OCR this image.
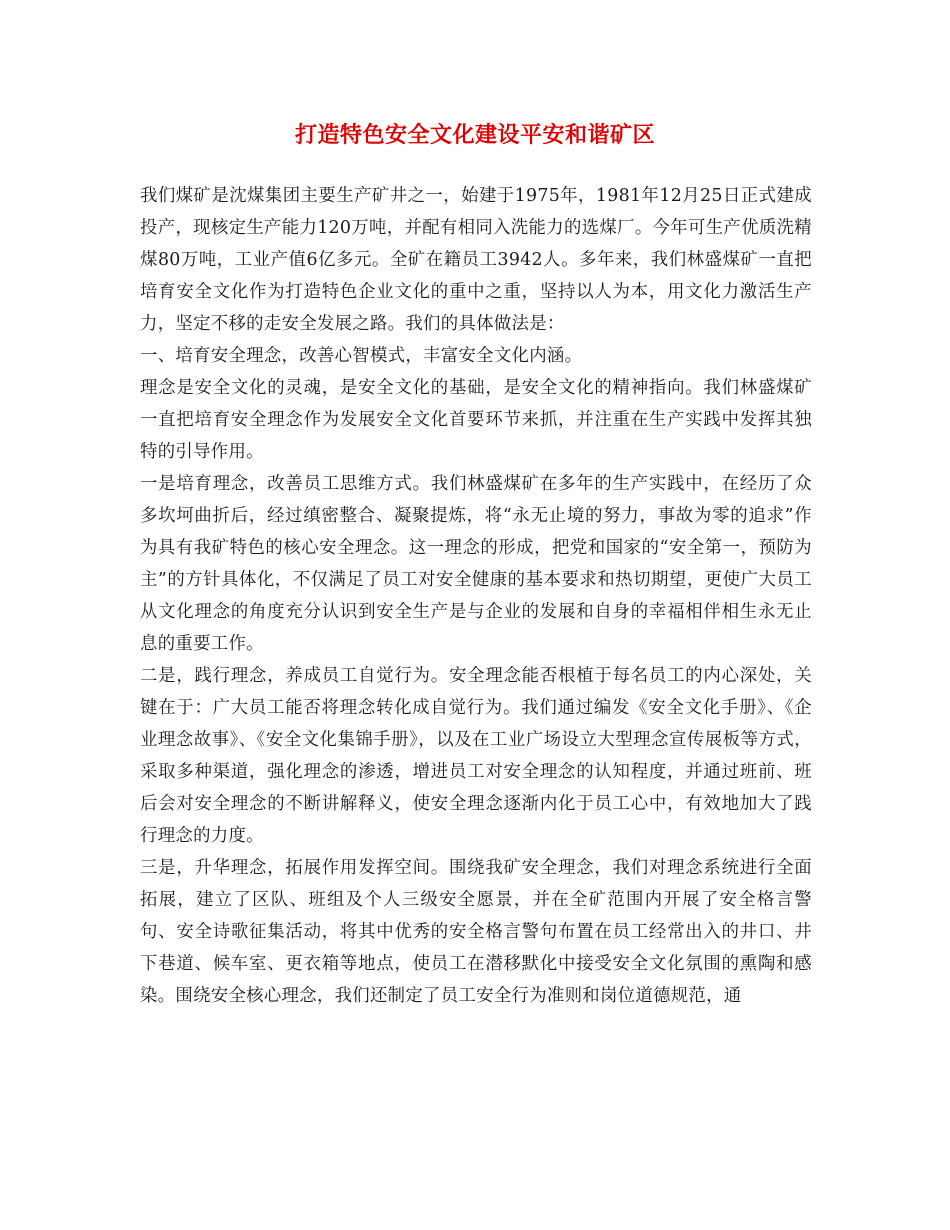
打造特色安全文化建设平安和谐矿区

我们煤矿是沈煤集团主要生产矿井之一，始建于1975年，1981年12月25日正式建成投产，现核定生产能力120万吨，并配有相同入洗能力的选煤厂。今年可生产优质洗精煤80万吨，工业产值6亿多元。全矿在籍员工3942人。多年来，我们林盛煤矿一直把培育安全文化作为打造特色企业文化的重中之重，坚持以人为本，用文化力激活生产力，坚定不移的走安全发展之路。我们的具体做法是：

一、培育安全理念，改善心智模式，丰富安全文化内涵。

理念是安全文化的灵魂，是安全文化的基础，是安全文化的精神指向。我们林盛煤矿一直把培育安全理念作为发展安全文化首要环节来抓，并注重在生产实践中发挥其独特的引导作用。

一是培育理念，改善员工思维方式。我们林盛煤矿在多年的生产实践中，在经历了众多坎坷曲折后，经过缜密整合、凝聚提炼，将“永无止境的努力，事故为零的追求”作为具有我矿特色的核心安全理念。这一理念的形成，把党和国家的“安全第一，预防为主”的方针具体化，不仅满足了员工对安全健康的基本要求和热切期望，更使广大员工从文化理念的角度充分认识到安全生产是与企业的发展和自身的幸福相伴相生永无止息的重要工作。

二是，践行理念，养成员工自觉行为。安全理念能否根植于每名员工的内心深处，关键在于：广大员工能否将理念转化成自觉行为。我们通过编发《安全文化手册》、《企业理念故事》、《安全文化集锦手册》，以及在工业广场设立大型理念宣传展板等方式，采取多种渠道，强化理念的渗透，增进员工对安全理念的认知程度，并通过班前、班后会对安全理念的不断讲解释义，使安全理念逐渐内化于员工心中，有效地加大了践行理念的力度。

三是，升华理念，拓展作用发挥空间。围绕我矿安全理念，我们对理念系统进行全面拓展，建立了区队、班组及个人三级安全愿景，并在全矿范围内开展了安全格言警句、安全诗歌征集活动，将其中优秀的安全格言警句布置在员工经常出入的井口、井下巷道、候车室、更衣箱等地点，使员工在潜移默化中接受安全文化氛围的熏陶和感染。围绕安全核心理念，我们还制定了员工安全行为准则和岗位道德规范，通
